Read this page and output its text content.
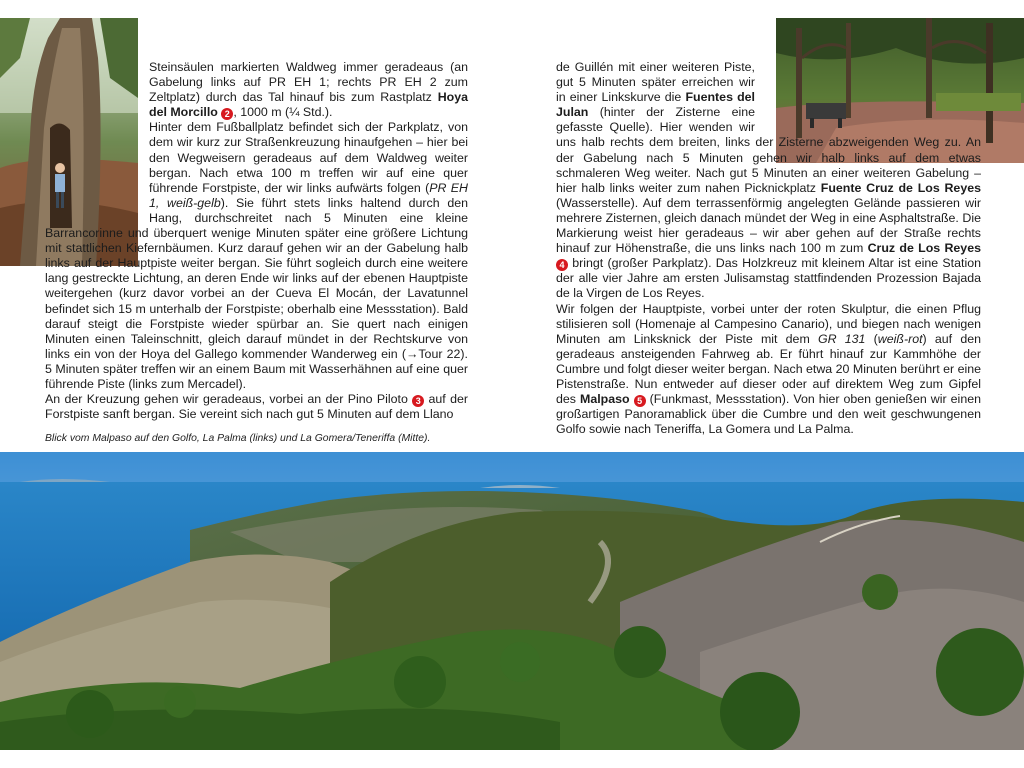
Steinsäulen markierten Waldweg immer geradeaus (an Gabelung links auf PR EH 1; rechts PR EH 2 zum Zeltplatz) durch das Tal hinauf bis zum Rastplatz Hoya del Morcillo 2 , 1000 m (¼ Std.).

Hinter dem Fußballplatz befindet sich der Parkplatz, von dem wir kurz zur Straßenkreuzung hinaufgehen – hier bei den Wegweisern geradeaus auf dem Waldweg weiter bergan. Nach etwa 100 m treffen wir auf eine quer führende Forstpiste, der wir links aufwärts folgen (PR EH 1, weiß-gelb). Sie führt stets links haltend durch den Hang, durchschreitet nach 5 Minuten eine kleine Barrancorinne und überquert wenige Minuten später eine größere Lichtung mit stattlichen Kiefernbäumen. Kurz darauf gehen wir an der Gabelung halb links auf der Hauptpiste weiter bergan. Sie führt sogleich durch eine weitere lang gestreckte Lichtung, an deren Ende wir links auf der ebenen Hauptpiste weitergehen (kurz davor vorbei an der Cueva El Mocán, der Lavatunnel befindet sich 15 m unterhalb der Forstpiste; oberhalb eine Messstation). Bald darauf steigt die Forstpiste wieder spürbar an. Sie quert nach einigen Minuten einen Taleinschnitt, gleich darauf mündet in der Rechtskurve von links ein von der Hoya del Gallego kommender Wanderweg ein (→Tour 22). 5 Minuten später treffen wir an einem Baum mit Wasserhähnen auf eine quer führende Piste (links zum Mercadel).

An der Kreuzung gehen wir geradeaus, vorbei an der Pino Piloto 3 auf der Forstpiste sanft bergan. Sie vereint sich nach gut 5 Minuten auf dem Llano

de Guillén mit einer weiteren Piste, gut 5 Minuten später erreichen wir in einer Linkskurve die Fuentes del Julan (hinter der Zisterne eine gefasste Quelle). Hier wenden wir uns halb rechts dem breiten, links der Zisterne abzweigenden Weg zu. An der Gabelung nach 5 Minuten gehen wir halb links auf dem etwas schmaleren Weg weiter. Nach gut 5 Minuten an einer weiteren Gabelung – hier halb links weiter zum nahen Picknickplatz Fuente Cruz de Los Reyes (Wasserstelle). Auf dem terrassenförmig angelegten Gelände passieren wir mehrere Zisternen, gleich danach mündet der Weg in eine Asphaltstraße. Die Markierung weist hier geradeaus – wir aber gehen auf der Straße rechts hinauf zur Höhenstraße, die uns links nach 100 m zum Cruz de Los Reyes 4 bringt (großer Parkplatz). Das Holzkreuz mit kleinem Altar ist eine Station der alle vier Jahre am ersten Julisamstag stattfindenden Prozession Bajada de la Virgen de Los Reyes.

Wir folgen der Hauptpiste, vorbei unter der roten Skulptur, die einen Pflug stilisieren soll (Homenaje al Campesino Canario), und biegen nach wenigen Minuten am Linksknick der Piste mit dem GR 131 (weiß-rot) auf den geradeaus ansteigenden Fahrweg ab. Er führt hinauf zur Kammhöhe der Cumbre und folgt dieser weiter bergan. Nach etwa 20 Minuten berührt er eine Pistenstraße. Nun entweder auf dieser oder auf direktem Weg zum Gipfel des Malpaso 5 (Funkmast, Messstation). Von hier oben genießen wir einen großartigen Panoramablick über die Cumbre und den weit geschwungenen Golfo sowie nach Teneriffa, La Gomera und La Palma.

Blick vom Malpaso auf den Golfo, La Palma (links) und La Gomera/Teneriffa (Mitte).
